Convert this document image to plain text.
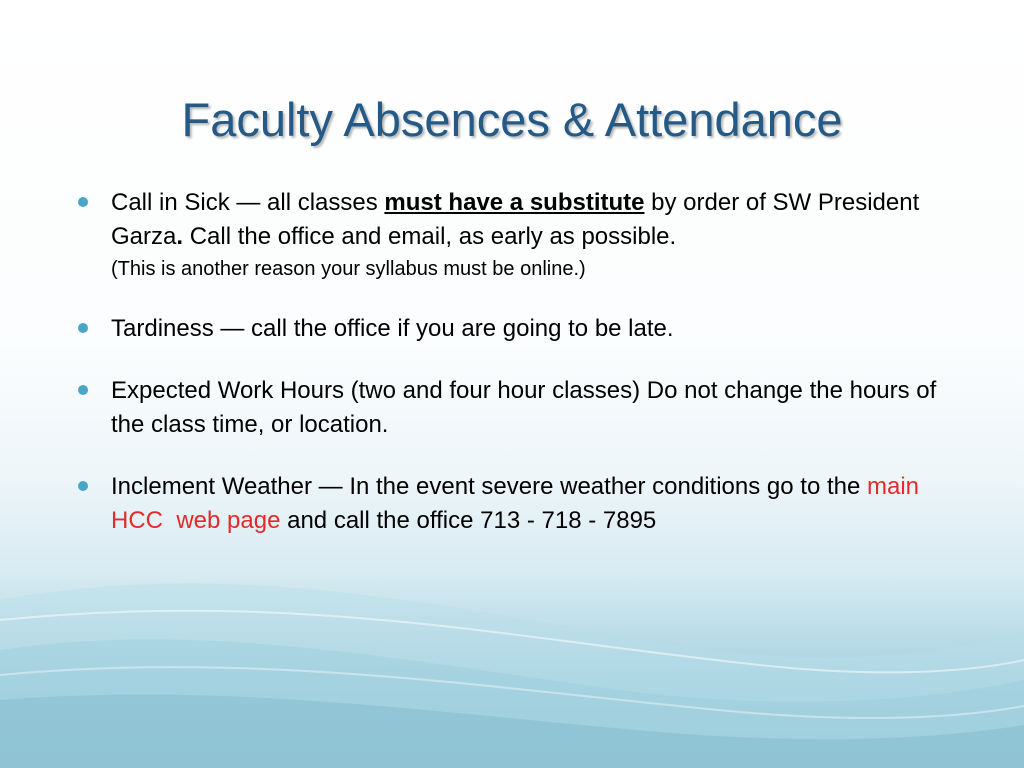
Faculty Absences & Attendance
Call in Sick — all classes must have a substitute by order of SW President Garza. Call the office and email, as early as possible.
(This is another reason your syllabus must be online.)
Tardiness — call the office if you are going to be late.
Expected Work Hours (two and four hour classes) Do not change the hours of the class time, or location.
Inclement Weather — In the event severe weather conditions go to the main HCC web page and call the office 713 - 718 - 7895
